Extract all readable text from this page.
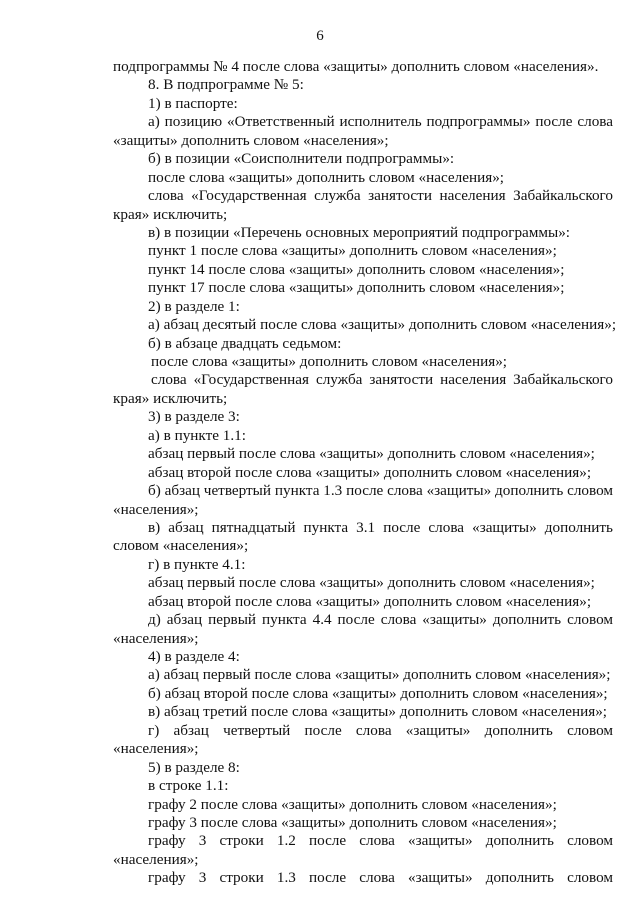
6
подпрограммы № 4 после слова «защиты» дополнить словом «населения».
8. В подпрограмме № 5:
1) в паспорте:
а) позицию «Ответственный исполнитель подпрограммы» после слова
«защиты» дополнить словом «населения»;
б) в позиции «Соисполнители подпрограммы»:
после слова «защиты» дополнить словом «населения»;
слова «Государственная служба занятости населения Забайкальского
края» исключить;
в) в позиции «Перечень основных мероприятий подпрограммы»:
пункт 1 после слова «защиты» дополнить словом «населения»;
пункт 14 после слова «защиты» дополнить словом «населения»;
пункт 17 после слова «защиты» дополнить словом «населения»;
2) в разделе 1:
а) абзац десятый после слова «защиты» дополнить словом «населения»;
б) в абзаце двадцать седьмом:
после слова «защиты» дополнить словом «населения»;
слова «Государственная служба занятости населения Забайкальского
края» исключить;
3) в разделе 3:
а) в пункте 1.1:
абзац первый после слова «защиты» дополнить словом «населения»;
абзац второй после слова «защиты» дополнить словом «населения»;
б) абзац четвертый пункта 1.3 после слова «защиты» дополнить словом
«населения»;
в) абзац пятнадцатый пункта 3.1 после слова «защиты» дополнить
словом «населения»;
г) в пункте 4.1:
абзац первый после слова «защиты» дополнить словом «населения»;
абзац второй после слова «защиты» дополнить словом «населения»;
д) абзац первый пункта 4.4 после слова «защиты» дополнить словом
«населения»;
4) в разделе 4:
а) абзац первый после слова «защиты» дополнить словом «населения»;
б) абзац второй после слова «защиты» дополнить словом «населения»;
в) абзац третий после слова «защиты» дополнить словом «населения»;
г) абзац четвертый после слова «защиты» дополнить словом
«населения»;
5) в разделе 8:
в строке 1.1:
графу 2 после слова «защиты» дополнить словом «населения»;
графу 3 после слова «защиты» дополнить словом «населения»;
графу 3 строки 1.2 после слова «защиты» дополнить словом
«населения»;
графу 3 строки 1.3 после слова «защиты» дополнить словом
